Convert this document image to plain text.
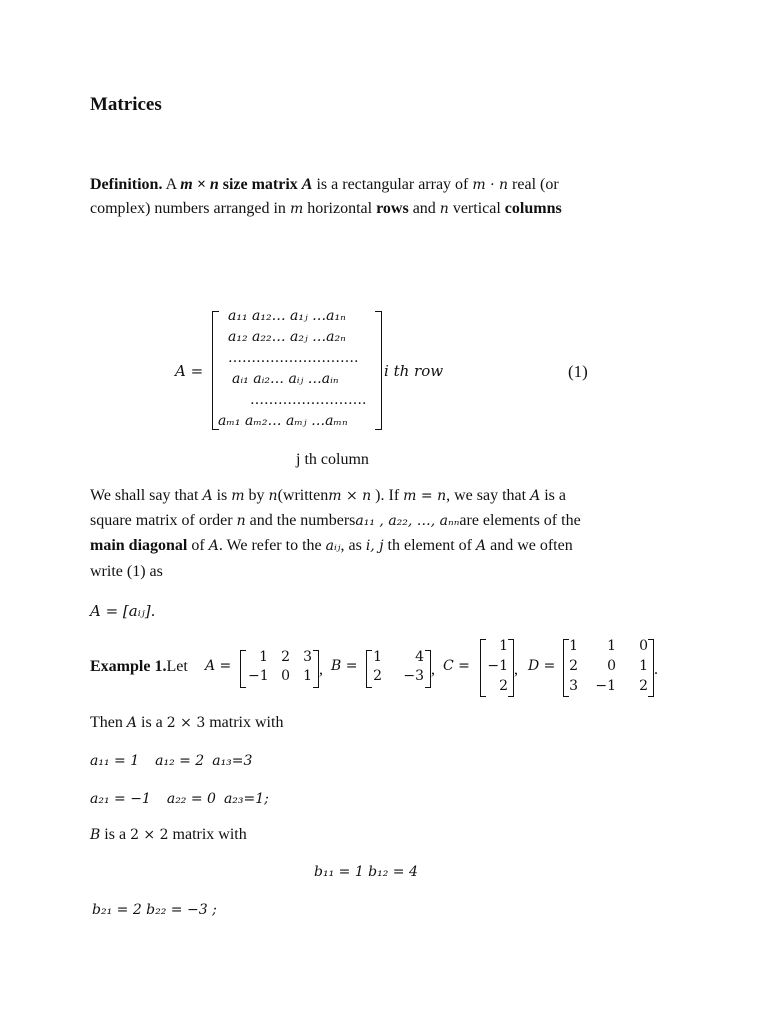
Matrices
Definition. A m × n size matrix A is a rectangular array of m · n real (or
complex) numbers arranged in m horizontal rows and n vertical columns
A =
a₁₁ a₁₂… a₁ⱼ …a₁ₙ
a₁₂ a₂₂… a₂ⱼ …a₂ₙ
……………………….
aᵢ₁ aᵢ₂… aᵢⱼ …aᵢₙ
…………………….
aₘ₁ aₘ₂… aₘⱼ …aₘₙ
i th row	(1)
j th column
We shall say that A is m by n(writtenm × n ). If m = n, we say that A is a
square matrix of order n and the numbersa₁₁ , a₂₂, …, aₙₙare elements of the
main diagonal of A. We refer to the aᵢⱼ, as i, j th element of A and we often
write (1) as
A = [aᵢⱼ].
Example 1.Let A =
1 2 3
−1 0 1 , B =
1	4
2	−3 , C =
1
−1
2
, D =
1	1	0
2	0	1
3 −1	2
.
Then A is a 2 × 3 matrix with
a₁₁ = 1 a₁₂ = 2 a₁₃=3
a₂₁ = −1 a₂₂ = 0 a₂₃=1;
B is a 2 × 2 matrix with
b₁₁ = 1 b₁₂ = 4
b₂₁ = 2 b₂₂ = −3 ;
